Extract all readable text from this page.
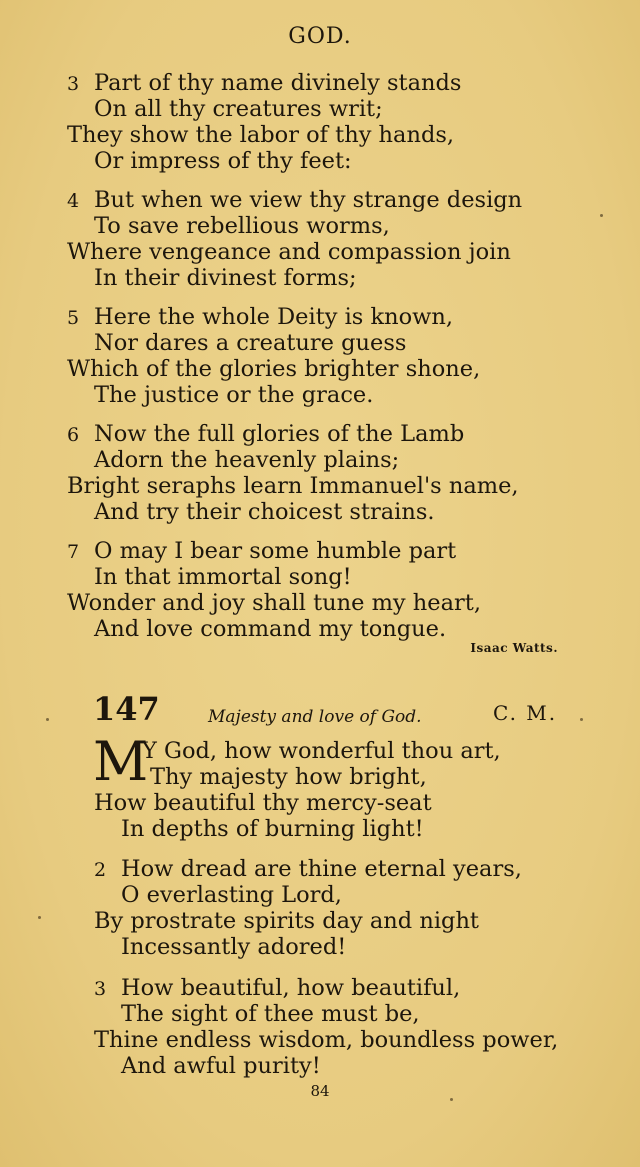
GOD.
3 Part of thy name divinely stands
On all thy creatures writ;
They show the labor of thy hands,
Or impress of thy feet:
4 But when we view thy strange design
To save rebellious worms,
Where vengeance and compassion join
In their divinest forms;
5 Here the whole Deity is known,
Nor dares a creature guess
Which of the glories brighter shone,
The justice or the grace.
6 Now the full glories of the Lamb
Adorn the heavenly plains;
Bright seraphs learn Immanuel's name,
And try their choicest strains.
7 O may I bear some humble part
In that immortal song!
Wonder and joy shall tune my heart,
And love command my tongue.
Isaac Watts.
147	Majesty and love of God.	C. M.
M
Y God, how wonderful thou art,
Thy majesty how bright,
How beautiful thy mercy-seat
In depths of burning light!
2 How dread are thine eternal years,
O everlasting Lord,
By prostrate spirits day and night
Incessantly adored!
3 How beautiful, how beautiful,
The sight of thee must be,
Thine endless wisdom, boundless power,
And awful purity!
84
